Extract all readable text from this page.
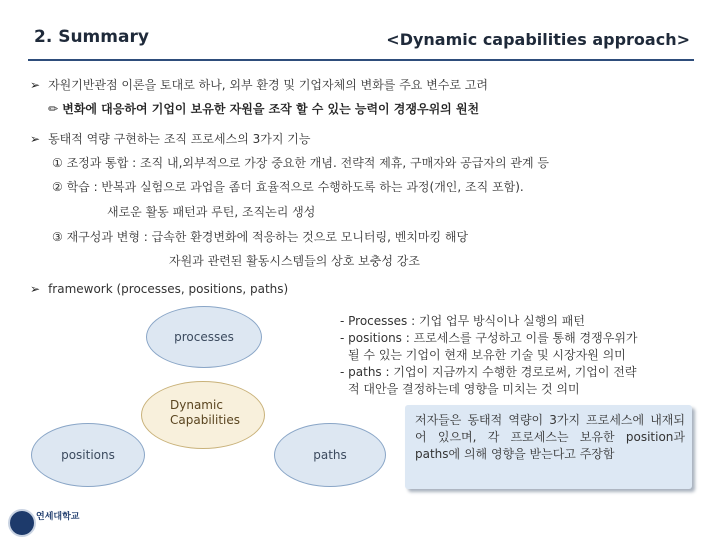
2. Summary	<Dynamic capabilities approach>
➢ 자원기반관점 이론을 토대로 하나, 외부 환경 및 기업자체의 변화를 주요 변수로 고려
✏ 변화에 대응하여 기업이 보유한 자원을 조작 할 수 있는 능력이 경쟁우위의 원천
➢ 동태적 역량 구현하는 조직 프로세스의 3가지 기능
① 조정과 통합 : 조직 내,외부적으로 가장 중요한 개념. 전략적 제휴, 구매자와 공급자의 관계 등
② 학습 : 반복과 실험으로 과업을 좀더 효율적으로 수행하도록 하는 과정(개인, 조직 포함).
새로운 활동 패턴과 루틴, 조직논리 생성
③ 재구성과 변형 : 급속한 환경변화에 적응하는 것으로 모니터링, 벤치마킹 해당
자원과 관련된 활동시스템들의 상호 보충성 강조
➢ framework (processes, positions, paths)
processes
positions	paths
Dynamic Capabilities
- Processes : 기업 업무 방식이나 실행의 패턴
- positions : 프로세스를 구성하고 이를 통해 경쟁우위가
될 수 있는 기업이 현재 보유한 기술 및 시장자원 의미
- paths : 기업이 지금까지 수행한 경로로써, 기업이 전략
적 대안을 결정하는데 영향을 미치는 것 의미
저자들은 동태적 역량이 3가지 프로세스에 내재되어 있으며, 각 프로세스는 보유한 position과 paths에 의해 영향을 받는다고 주장함
연세대학교
